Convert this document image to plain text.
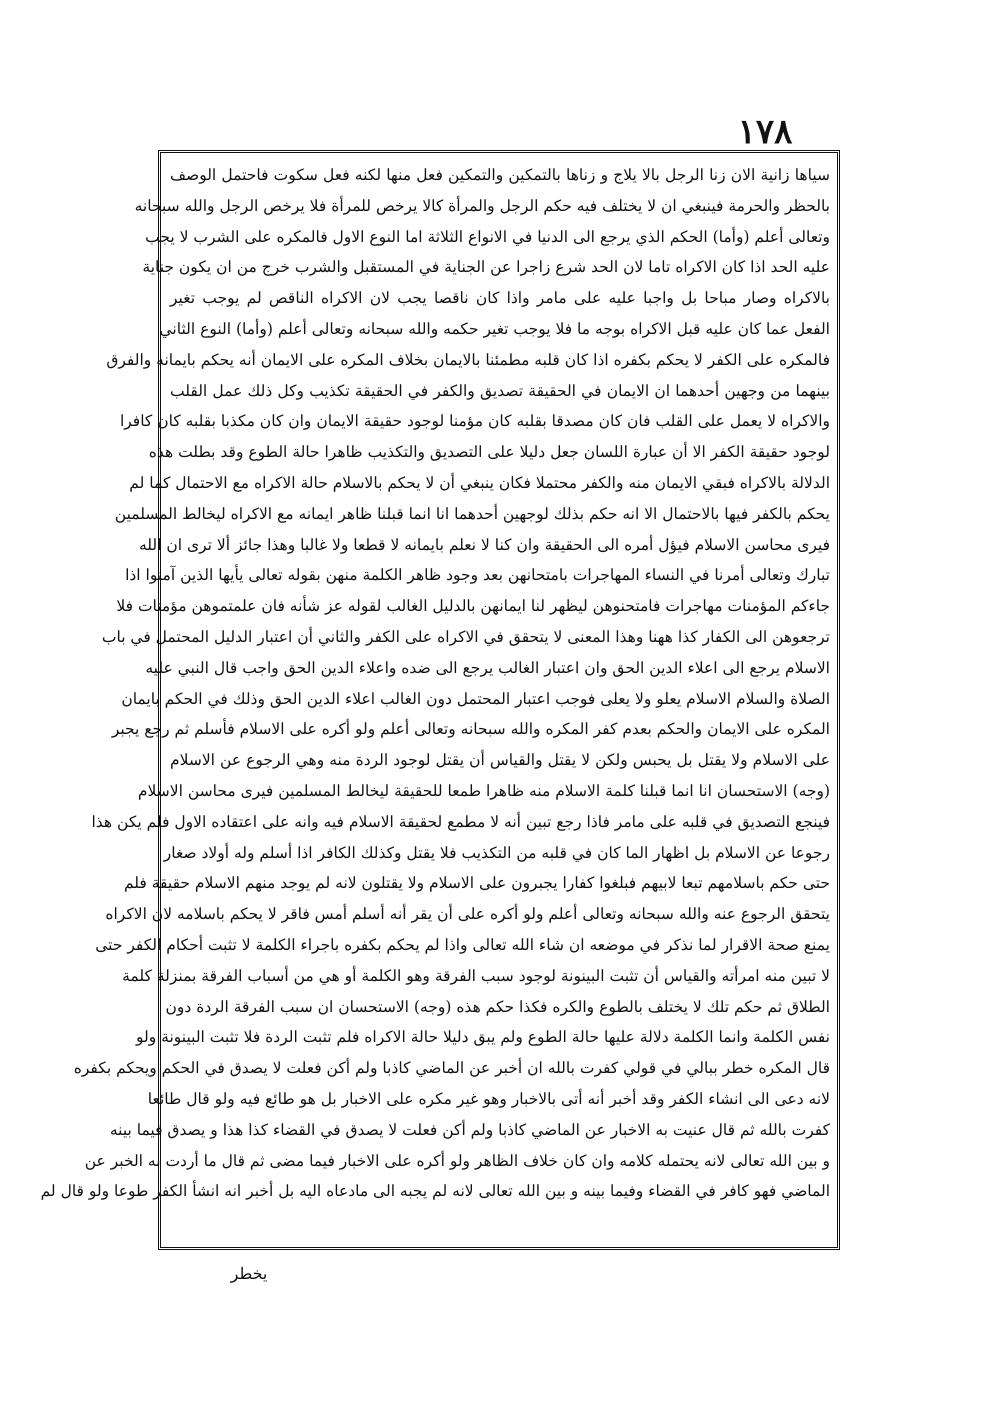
١٧٨
سياها زانية الان زنا الرجل بالا يلاج و زناها بالتمكين والتمكين فعل منها لكنه فعل سكوت فاحتمل الوصف
بالحظر والحرمة فينبغي ان لا يختلف فيه حكم الرجل والمرأة كالا يرخص للمرأة فلا يرخص الرجل والله سبحانه
وتعالى أعلم (وأما) الحكم الذي يرجع الى الدنيا في الانواع الثلاثة اما النوع الاول فالمكره على الشرب لا يجب
عليه الحد اذا كان الاكراه تاما لان الحد شرع زاجرا عن الجناية في المستقبل والشرب خرج من ان يكون جناية
بالاكراه وصار مباحا بل واجبا عليه على مامر واذا كان ناقصا يجب لان الاكراه الناقص لم يوجب تغير
الفعل عما كان عليه قبل الاكراه بوجه ما فلا يوجب تغير حكمه والله سبحانه وتعالى أعلم (وأما) النوع الثاني
فالمكره على الكفر لا يحكم بكفره اذا كان قلبه مطمئنا بالايمان بخلاف المكره على الايمان أنه يحكم بايمانه والفرق
بينهما من وجهين أحدهما ان الايمان في الحقيقة تصديق والكفر في الحقيقة تكذيب وكل ذلك عمل القلب
والاكراه لا يعمل على القلب فان كان مصدقا بقلبه كان مؤمنا لوجود حقيقة الايمان وان كان مكذبا بقلبه كان كافرا
لوجود حقيقة الكفر الا أن عبارة اللسان جعل دليلا على التصديق والتكذيب ظاهرا حالة الطوع وقد بطلت هذه
الدلالة بالاكراه فبقي الايمان منه والكفر محتملا فكان ينبغي أن لا يحكم بالاسلام حالة الاكراه مع الاحتمال كما لم
يحكم بالكفر فيها بالاحتمال الا انه حكم بذلك لوجهين أحدهما انا انما قبلنا ظاهر ايمانه مع الاكراه ليخالط المسلمين
فيرى محاسن الاسلام فيؤل أمره الى الحقيقة وان كنا لا نعلم بايمانه لا قطعا ولا غالبا وهذا جائز ألا ترى ان الله
تبارك وتعالى أمرنا في النساء المهاجرات بامتحانهن بعد وجود ظاهر الكلمة منهن بقوله تعالى يأيها الذين آمنوا اذا
جاءكم المؤمنات مهاجرات فامتحنوهن ليظهر لنا ايمانهن بالدليل الغالب لقوله عز شأنه فان علمتموهن مؤمنات فلا
ترجعوهن الى الكفار كذا ههنا وهذا المعنى لا يتحقق في الاكراه على الكفر والثاني أن اعتبار الدليل المحتمل في باب
الاسلام يرجع الى اعلاء الدين الحق وان اعتبار الغالب يرجع الى ضده واعلاء الدين الحق واجب قال النبي عليه
الصلاة والسلام الاسلام يعلو ولا يعلى فوجب اعتبار المحتمل دون الغالب اعلاء الدين الحق وذلك في الحكم بايمان
المكره على الايمان والحكم بعدم كفر المكره والله سبحانه وتعالى أعلم ولو أكره على الاسلام فأسلم ثم رجع يجبر
على الاسلام ولا يقتل بل يحبس ولكن لا يقتل والقياس أن يقتل لوجود الردة منه وهي الرجوع عن الاسلام
(وجه) الاستحسان انا انما قبلنا كلمة الاسلام منه ظاهرا طمعا للحقيقة ليخالط المسلمين فيرى محاسن الاسلام
فينجع التصديق في قلبه على مامر فاذا رجع تبين أنه لا مطمع لحقيقة الاسلام فيه وانه على اعتقاده الاول فلم يكن هذا
رجوعا عن الاسلام بل اظهار الما كان في قلبه من التكذيب فلا يقتل وكذلك الكافر اذا أسلم وله أولاد صغار
حتى حكم باسلامهم تبعا لابيهم فبلغوا كفارا يجبرون على الاسلام ولا يقتلون لانه لم يوجد منهم الاسلام حقيقة فلم
يتحقق الرجوع عنه والله سبحانه وتعالى أعلم ولو أكره على أن يقر أنه أسلم أمس فاقر لا يحكم باسلامه لان الاكراه
يمنع صحة الاقرار لما نذكر في موضعه ان شاء الله تعالى واذا لم يحكم بكفره باجراء الكلمة لا تثبت أحكام الكفر حتى
لا تبين منه امرأته والقياس أن تثبت البينونة لوجود سبب الفرقة وهو الكلمة أو هي من أسباب الفرقة بمنزلة كلمة
الطلاق ثم حكم تلك لا يختلف بالطوع والكره فكذا حكم هذه (وجه) الاستحسان ان سبب الفرقة الردة دون
نفس الكلمة وانما الكلمة دلالة عليها حالة الطوع ولم يبق دليلا حالة الاكراه فلم تثبت الردة فلا تثبت البينونة ولو
قال المكره خطر ببالي في قولي كفرت بالله ان أخبر عن الماضي كاذبا ولم أكن فعلت لا يصدق في الحكم ويحكم بكفره
لانه دعى الى انشاء الكفر وقد أخبر أنه أتى بالاخبار وهو غير مكره على الاخبار بل هو طائع فيه ولو قال طائعا
كفرت بالله ثم قال عنيت به الاخبار عن الماضي كاذبا ولم أكن فعلت لا يصدق في القضاء كذا هذا و يصدق فيما بينه
و بين الله تعالى لانه يحتمله كلامه وان كان خلاف الظاهر ولو أكره على الاخبار فيما مضى ثم قال ما أردت به الخبر عن
الماضي فهو كافر في القضاء وفيما بينه و بين الله تعالى لانه لم يجبه الى مادعاه اليه بل أخبر انه انشأ الكفر طوعا ولو قال لم
يخطر
